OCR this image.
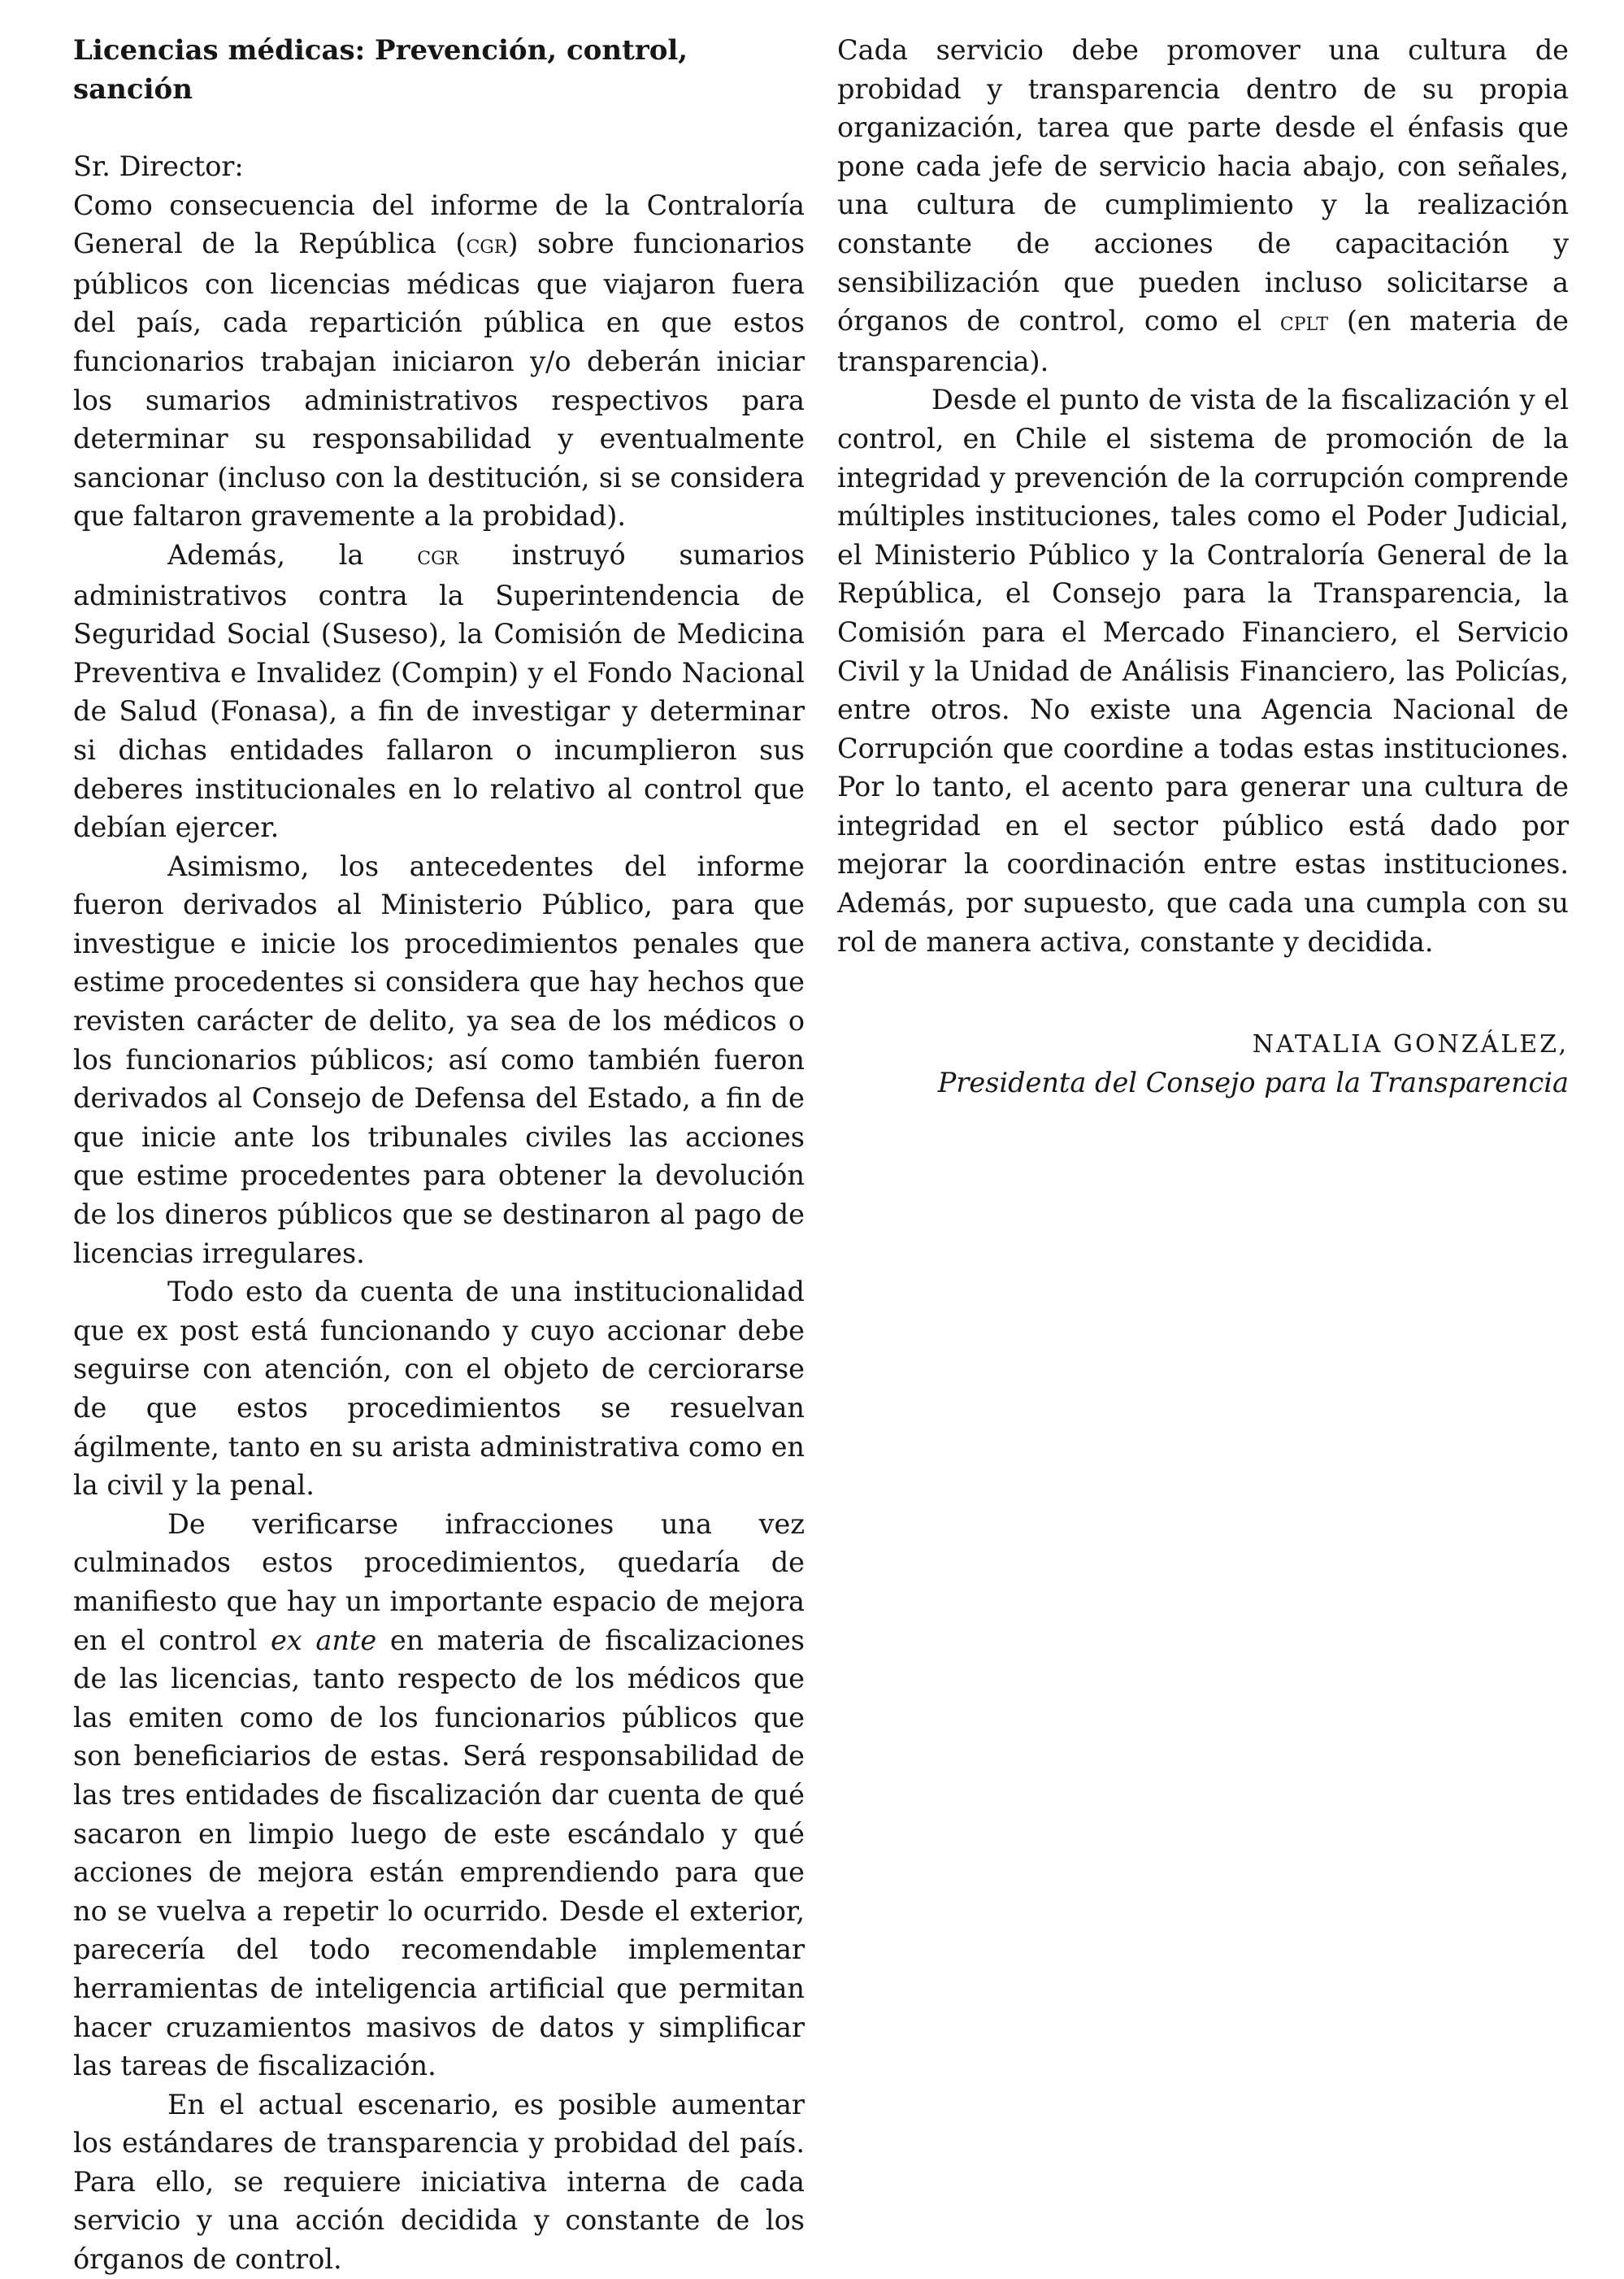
Licencias médicas: Prevención, control, sanción
Sr. Director:

Como consecuencia del informe de la Contraloría General de la República (cgr) sobre funcionarios públicos con licencias médicas que viajaron fuera del país, cada repartición pública en que estos funcionarios trabajan iniciaron y/o deberán iniciar los sumarios administrativos respectivos para determinar su responsabilidad y eventualmente sancionar (incluso con la destitución, si se considera que faltaron gravemente a la probidad).

Además, la cgr instruyó sumarios administrativos contra la Superintendencia de Seguridad Social (Suseso), la Comisión de Medicina Preventiva e Invalidez (Compin) y el Fondo Nacional de Salud (Fonasa), a fin de investigar y determinar si dichas entidades fallaron o incumplieron sus deberes institucionales en lo relativo al control que debían ejercer.

Asimismo, los antecedentes del informe fueron derivados al Ministerio Público, para que investigue e inicie los procedimientos penales que estime procedentes si considera que hay hechos que revisten carácter de delito, ya sea de los médicos o los funcionarios públicos; así como también fueron derivados al Consejo de Defensa del Estado, a fin de que inicie ante los tribunales civiles las acciones que estime procedentes para obtener la devolución de los dineros públicos que se destinaron al pago de licencias irregulares.

Todo esto da cuenta de una institucionalidad que ex post está funcionando y cuyo accionar debe seguirse con atención, con el objeto de cerciorarse de que estos procedimientos se resuelvan ágilmente, tanto en su arista administrativa como en la civil y la penal.

De verificarse infracciones una vez culminados estos procedimientos, quedaría de manifiesto que hay un importante espacio de mejora en el control ex ante en materia de fiscalizaciones de las licencias, tanto respecto de los médicos que las emiten como de los funcionarios públicos que son beneficiarios de estas. Será responsabilidad de las tres entidades de fiscalización dar cuenta de qué sacaron en limpio luego de este escándalo y qué acciones de mejora están emprendiendo para que no se vuelva a repetir lo ocurrido. Desde el exterior, parecería del todo recomendable implementar herramientas de inteligencia artificial que permitan hacer cruzamientos masivos de datos y simplificar las tareas de fiscalización.

En el actual escenario, es posible aumentar los estándares de transparencia y probidad del país. Para ello, se requiere iniciativa interna de cada servicio y una acción decidida y constante de los órganos de control.

Cada servicio debe promover una cultura de probidad y transparencia dentro de su propia organización, tarea que parte desde el énfasis que pone cada jefe de servicio hacia abajo, con señales, una cultura de cumplimiento y la realización constante de acciones de capacitación y sensibilización que pueden incluso solicitarse a órganos de control, como el cplt (en materia de transparencia).

Desde el punto de vista de la fiscalización y el control, en Chile el sistema de promoción de la integridad y prevención de la corrupción comprende múltiples instituciones, tales como el Poder Judicial, el Ministerio Público y la Contraloría General de la República, el Consejo para la Transparencia, la Comisión para el Mercado Financiero, el Servicio Civil y la Unidad de Análisis Financiero, las Policías, entre otros. No existe una Agencia Nacional de Corrupción que coordine a todas estas instituciones. Por lo tanto, el acento para generar una cultura de integridad en el sector público está dado por mejorar la coordinación entre estas instituciones. Además, por supuesto, que cada una cumpla con su rol de manera activa, constante y decidida.

NATALIA GONZÁLEZ,
Presidenta del Consejo para la Transparencia
